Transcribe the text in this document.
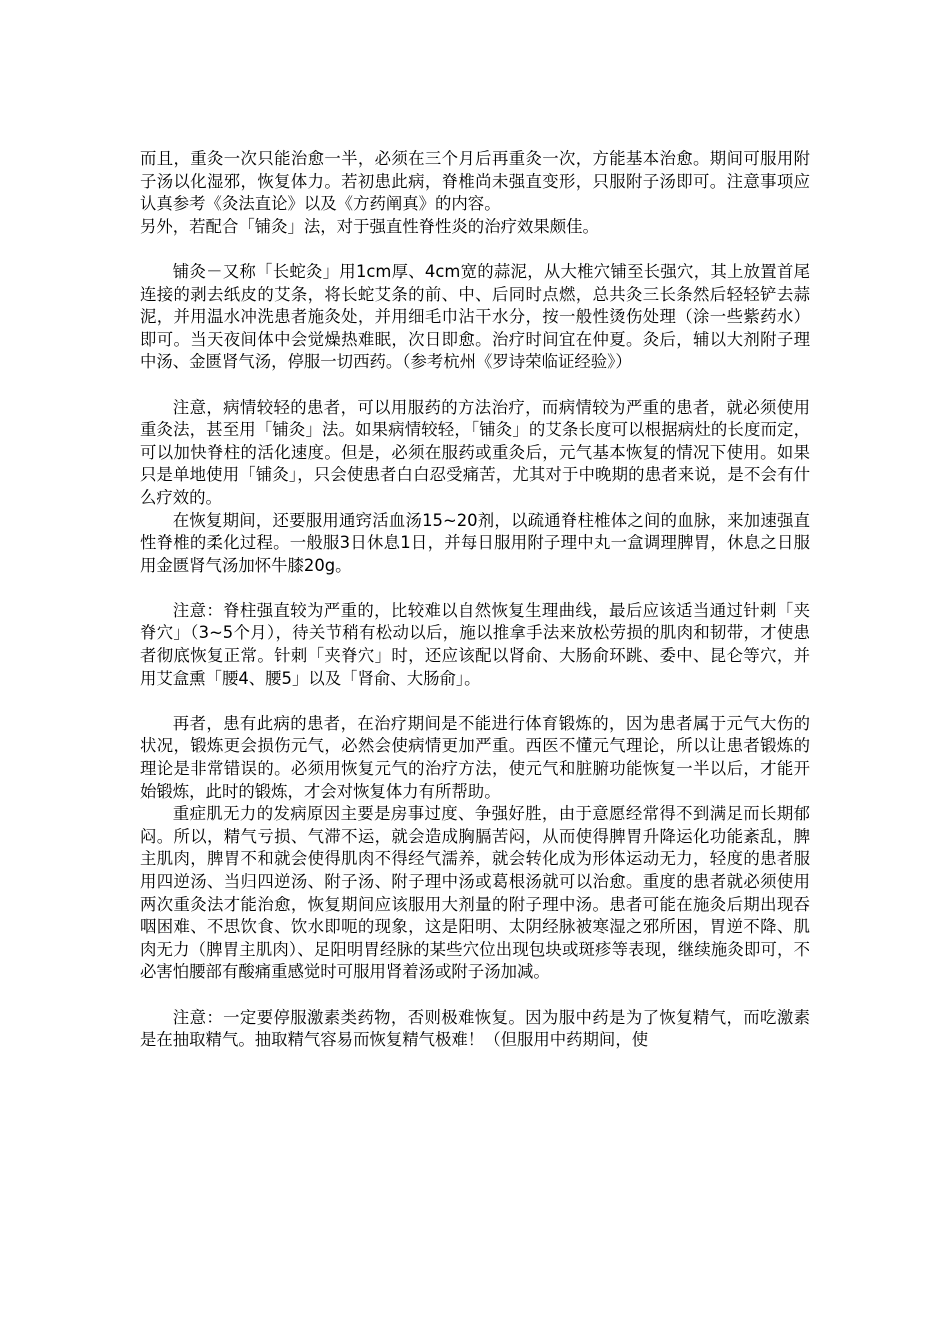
而且，重灸一次只能治愈一半，必须在三个月后再重灸一次，方能基本治愈。期间可服用附子汤以化湿邪，恢复体力。若初患此病，脊椎尚未强直变形，只服附子汤即可。注意事项应认真参考《灸法直论》以及《方药阐真》的内容。

另外，若配合「铺灸」法，对于强直性脊性炎的治疗效果颇佳。

铺灸－又称「长蛇灸」用1cm厚、4cm宽的蒜泥，从大椎穴铺至长强穴，其上放置首尾连接的剥去纸皮的艾条，将长蛇艾条的前、中、后同时点燃，总共灸三长条然后轻轻铲去蒜泥，并用温水冲洗患者施灸处，并用细毛巾沾干水分，按一般性烫伤处理（涂一些紫药水）即可。当天夜间体中会觉燥热难眠，次日即愈。治疗时间宜在仲夏。灸后，辅以大剂附子理中汤、金匮肾气汤，停服一切西药。（参考杭州《罗诗荣临证经验》）

注意，病情较轻的患者，可以用服药的方法治疗，而病情较为严重的患者，就必须使用重灸法，甚至用「铺灸」法。如果病情较轻，「铺灸」的艾条长度可以根据病灶的长度而定，可以加快脊柱的活化速度。但是，必须在服药或重灸后，元气基本恢复的情况下使用。如果只是单地使用「铺灸」，只会使患者白白忍受痛苦，尤其对于中晚期的患者来说，是不会有什么疗效的。

在恢复期间，还要服用通窍活血汤15~20剂，以疏通脊柱椎体之间的血脉，来加速强直性脊椎的柔化过程。一般服3日休息1日，并每日服用附子理中丸一盒调理脾胃，休息之日服用金匮肾气汤加怀牛膝20g。

注意：脊柱强直较为严重的，比较难以自然恢复生理曲线，最后应该适当通过针刺「夹脊穴」（3~5个月），待关节稍有松动以后，施以推拿手法来放松劳损的肌肉和韧带，才使患者彻底恢复正常。针刺「夹脊穴」时，还应该配以肾俞、大肠俞环跳、委中、昆仑等穴，并用艾盒熏「腰4、腰5」以及「肾俞、大肠俞」。

再者，患有此病的患者，在治疗期间是不能进行体育锻炼的，因为患者属于元气大伤的状况，锻炼更会损伤元气，必然会使病情更加严重。西医不懂元气理论，所以让患者锻炼的理论是非常错误的。必须用恢复元气的治疗方法，使元气和脏腑功能恢复一半以后，才能开始锻炼，此时的锻炼，才会对恢复体力有所帮助。

重症肌无力的发病原因主要是房事过度、争强好胜，由于意愿经常得不到满足而长期郁闷。所以，精气亏损、气滞不运，就会造成胸膈苦闷，从而使得脾胃升降运化功能紊乱，脾主肌肉，脾胃不和就会使得肌肉不得经气濡养，就会转化成为形体运动无力，轻度的患者服用四逆汤、当归四逆汤、附子汤、附子理中汤或葛根汤就可以治愈。重度的患者就必须使用两次重灸法才能治愈，恢复期间应该服用大剂量的附子理中汤。患者可能在施灸后期出现吞咽困难、不思饮食、饮水即呃的现象，这是阳明、太阴经脉被寒湿之邪所困，胃逆不降、肌肉无力（脾胃主肌肉）、足阳明胃经脉的某些穴位出现包块或斑疹等表现，继续施灸即可，不必害怕腰部有酸痛重感觉时可服用肾着汤或附子汤加减。

注意：一定要停服激素类药物，否则极难恢复。因为服中药是为了恢复精气，而吃激素是在抽取精气。抽取精气容易而恢复精气极难！（但服用中药期间，使
